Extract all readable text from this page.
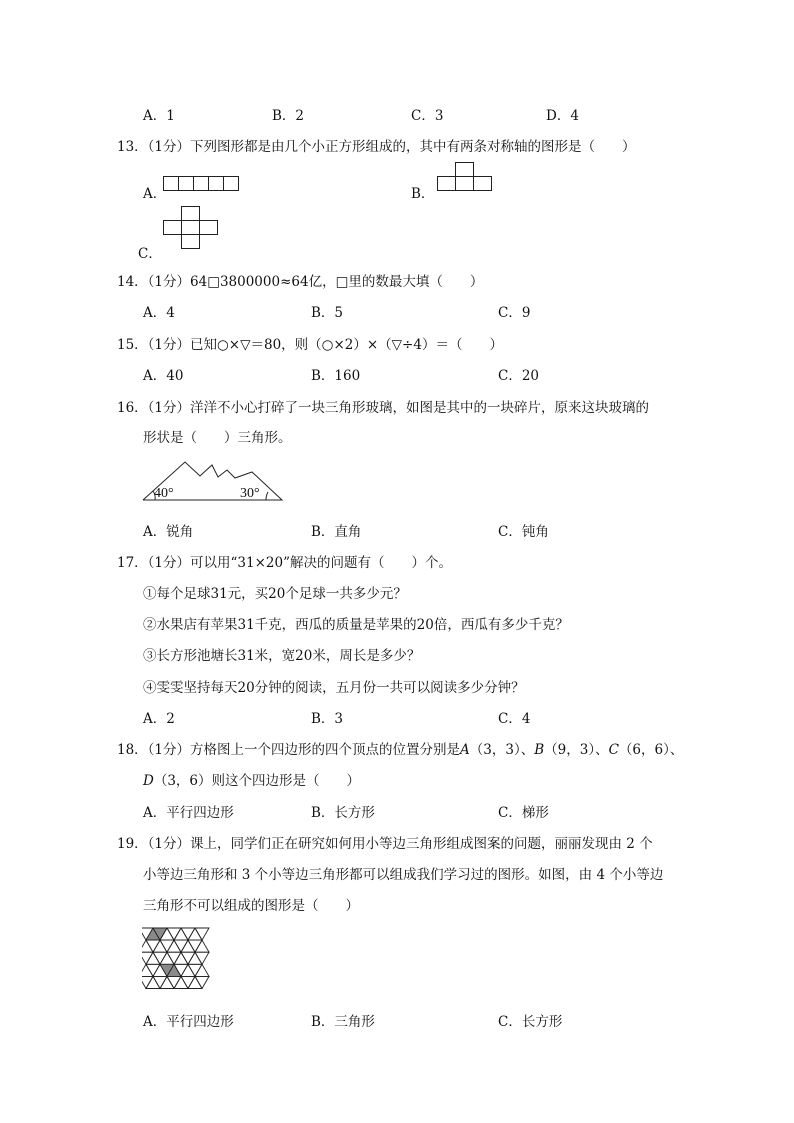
A．1	B．2	C．3	D．4
13．（1分）下列图形都是由几个小正方形组成的，其中有两条对称轴的图形是（　　）
A．	B．
C．
14．（1分）64□3800000≈64亿，□里的数最大填（　　）
A．4	B．5	C．9
15．（1分）已知○×▽＝80，则（○×2）×（▽÷4）＝（　　）
A．40	B．160	C．20
16．（1分）洋洋不小心打碎了一块三角形玻璃，如图是其中的一块碎片，原来这块玻璃的
形状是（　　）三角形。
40°	30°
A．锐角	B．直角	C．钝角
17．（1分）可以用“31×20”解决的问题有（　　）个。
①每个足球31元，买20个足球一共多少元？
②水果店有苹果31千克，西瓜的质量是苹果的20倍，西瓜有多少千克？
③长方形池塘长31米，宽20米，周长是多少？
④雯雯坚持每天20分钟的阅读，五月份一共可以阅读多少分钟？
A．2	B．3	C．4
18．（1分）方格图上一个四边形的四个顶点的位置分别是A（3，3）、B（9，3）、C（6，6）、
D（3，6）则这个四边形是（　　）
A．平行四边形	B．长方形	C．梯形
19．（1分）课上，同学们正在研究如何用小等边三角形组成图案的问题，丽丽发现由 2 个
小等边三角形和 3 个小等边三角形都可以组成我们学习过的图形。如图，由 4 个小等边
三角形不可以组成的图形是（　　）
A．平行四边形	B．三角形	C．长方形
